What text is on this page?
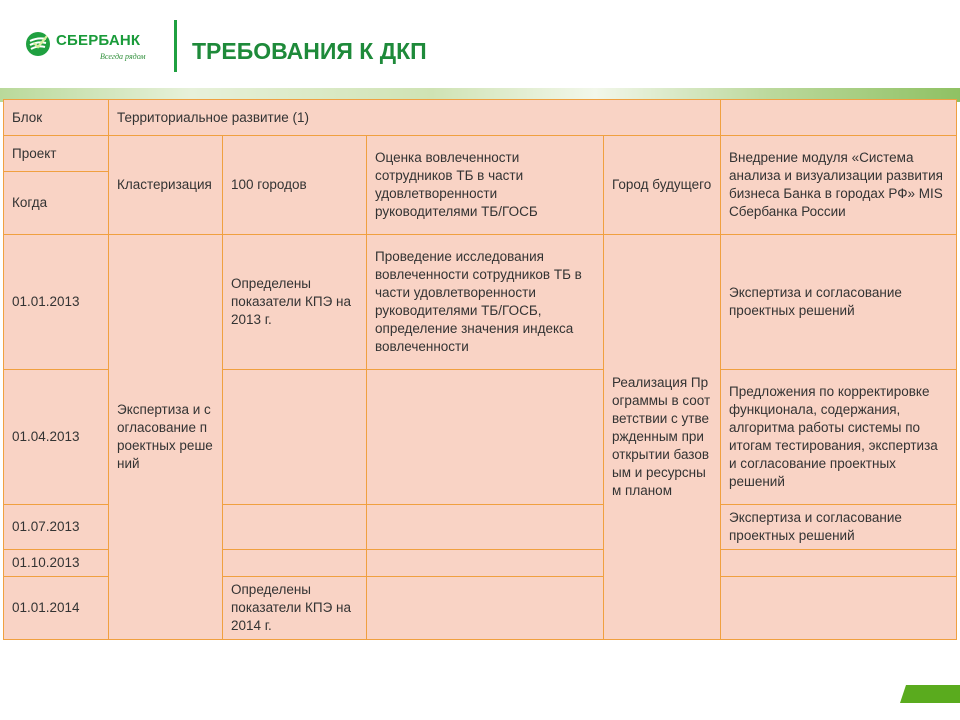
СБЕРБАНК
Всегда рядом ТРЕБОВАНИЯ К ДКП
Блок	Территориальное развитие (1)				
Проект	Кластеризация	100 городов	Оценка вовлеченности сотрудников ТБ в части удовлетворенности руководителями ТБ/ГОСБ	Город будущего	Внедрение модуля «Система анализа и визуализации развития бизнеса Банка в городах РФ» MIS Сбербанка России
Когда					
01.01.2013	Экспертиза и согласование проектных решений	Определены показатели КПЭ на 2013 г.	Проведение исследования вовлеченности сотрудников ТБ в части удовлетворенности руководителями ТБ/ГОСБ, определение значения индекса вовлеченности	Реализация Программы в соответствии с утвержденным при открытии базовым и ресурсным планом	Экспертиза и согласование проектных решений
01.04.2013					Предложения по корректировке функционала, содержания, алгоритма работы системы по итогам тестирования, экспертиза и согласование проектных решений
01.07.2013					Экспертиза и согласование проектных решений
01.10.2013					
01.01.2014		Определены показатели КПЭ на 2014 г.			
